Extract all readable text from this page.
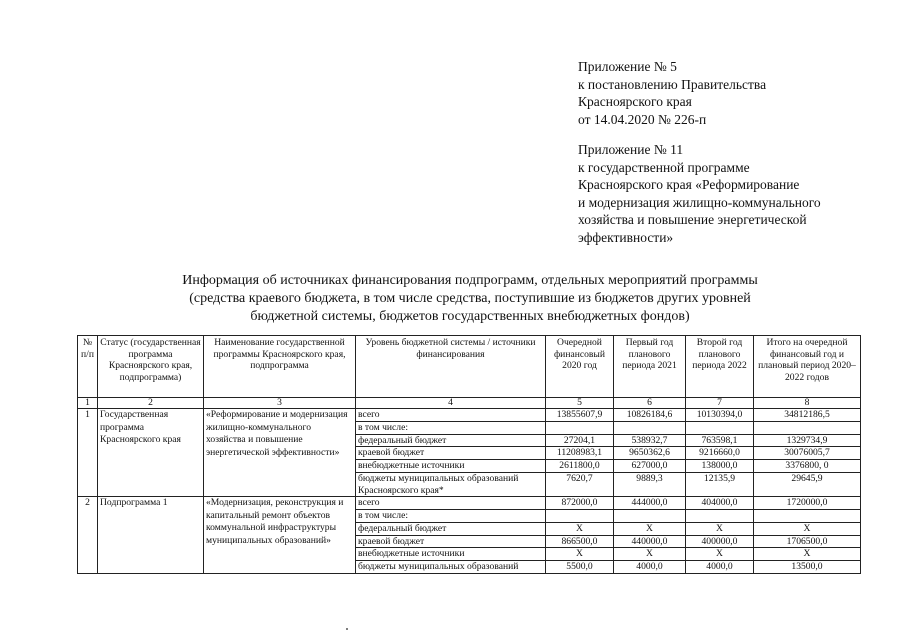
Приложение № 5
к постановлению Правительства
Красноярского края
от 14.04.2020 № 226-п
Приложение № 11
к государственной программе
Красноярского края «Реформирование
и модернизация жилищно-коммунального
хозяйства и повышение энергетической
эффективности»
Информация об источниках финансирования подпрограмм, отдельных мероприятий программы
(средства краевого бюджета, в том числе средства, поступившие из бюджетов других уровней
бюджетной системы, бюджетов государственных внебюджетных фондов)
№ п/п	Статус (государственная программа Красноярского края, подпрограмма)	Наименование государственной программы Красноярского края, подпрограмма	Уровень бюджетной системы / источники финансирования	Очередной финансовый 2020 год	Первый год планового периода 2021	Второй год планового периода 2022	Итого на очередной финансовый год и плановый период 2020–2022 годов
1	2	3	4	5	6	7	8
1	Государственная программа Красноярского края	«Реформирование и модернизация жилищно-коммунального хозяйства и повышение энергетической эффективности»	всего	13855607,9	10826184,6	10130394,0	34812186,5
			в том числе:				
			федеральный бюджет	27204,1	538932,7	763598,1	1329734,9
			краевой бюджет	11208983,1	9650362,6	9216660,0	30076005,7
			внебюджетные источники	2611800,0	627000,0	138000,0	3376800, 0
			бюджеты муниципальных образований Красноярского края*	7620,7	9889,3	12135,9	29645,9

2	Подпрограмма 1	«Модернизация, реконструкция и капитальный ремонт объектов коммунальной инфраструктуры муниципальных образований»	всего	872000,0	444000,0	404000,0	1720000,0
			в том числе:				
			федеральный бюджет	X	X	X	X
			краевой бюджет	866500,0	440000,0	400000,0	1706500,0
			внебюджетные источники	X	X	X	X
			бюджеты муниципальных образований	5500,0	4000,0	4000,0	13500,0
